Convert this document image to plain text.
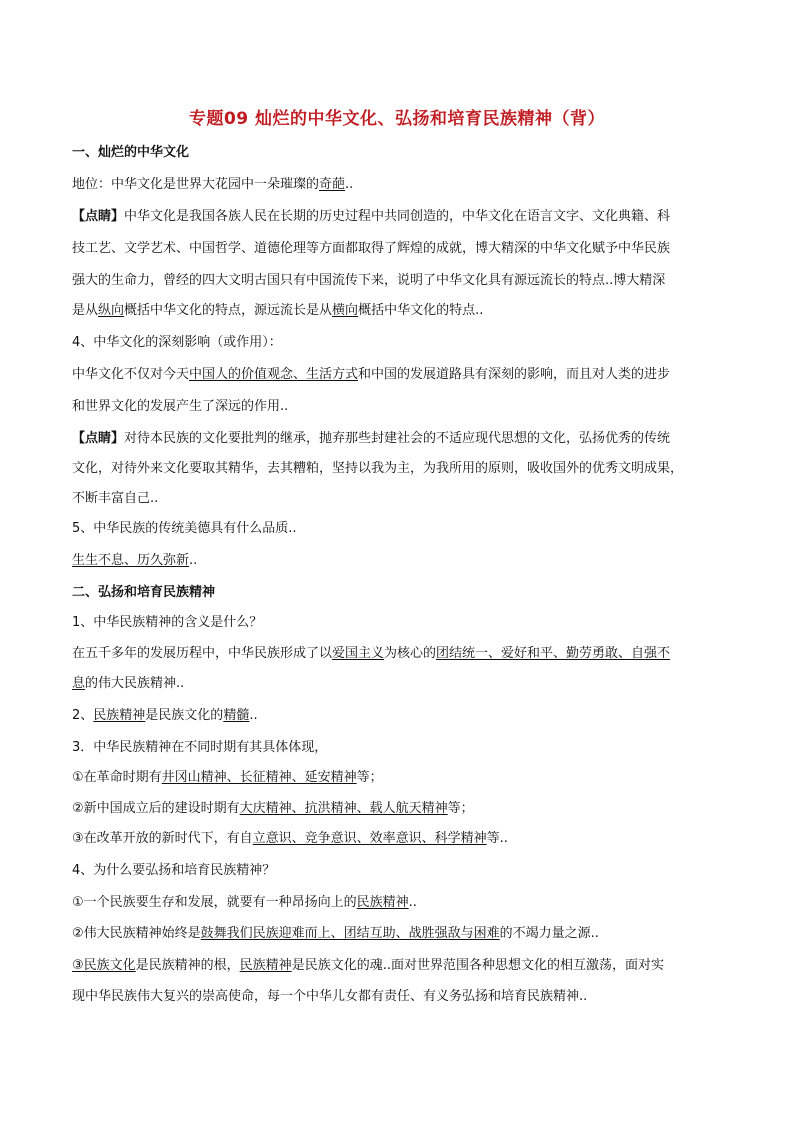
专题09 灿烂的中华文化、弘扬和培育民族精神（背）
一、灿烂的中华文化
地位：中华文化是世界大花园中一朵璀璨的奇葩..
【点睛】中华文化是我国各族人民在长期的历史过程中共同创造的，中华文化在语言文字、文化典籍、科
技工艺、文学艺术、中国哲学、道德伦理等方面都取得了辉煌的成就，博大精深的中华文化赋予中华民族
强大的生命力，曾经的四大文明古国只有中国流传下来，说明了中华文化具有源远流长的特点..博大精深
是从纵向概括中华文化的特点，源远流长是从横向概括中华文化的特点..
4、中华文化的深刻影响（或作用）：
中华文化不仅对今天中国人的价值观念、生活方式和中国的发展道路具有深刻的影响，而且对人类的进步
和世界文化的发展产生了深远的作用..
【点睛】对待本民族的文化要批判的继承，抛弃那些封建社会的不适应现代思想的文化，弘扬优秀的传统
文化，对待外来文化要取其精华，去其糟粕，坚持以我为主，为我所用的原则，吸收国外的优秀文明成果，
不断丰富自己..
5、中华民族的传统美德具有什么品质..
生生不息、历久弥新..
二、弘扬和培育民族精神
1、中华民族精神的含义是什么？
在五千多年的发展历程中，中华民族形成了以爱国主义为核心的团结统一、爱好和平、勤劳勇敢、自强不
息的伟大民族精神..
2、民族精神是民族文化的精髓..
3．中华民族精神在不同时期有其具体体现，
①在革命时期有井冈山精神、长征精神、延安精神等；
②新中国成立后的建设时期有大庆精神、抗洪精神、载人航天精神等；
③在改革开放的新时代下，有自立意识、竞争意识、效率意识、科学精神等..
4、为什么要弘扬和培育民族精神？
①一个民族要生存和发展，就要有一种昂扬向上的民族精神..
②伟大民族精神始终是鼓舞我们民族迎难而上、团结互助、战胜强敌与困难的不竭力量之源..
③民族文化是民族精神的根，民族精神是民族文化的魂..面对世界范围各种思想文化的相互激荡，面对实
现中华民族伟大复兴的崇高使命，每一个中华儿女都有责任、有义务弘扬和培育民族精神..
